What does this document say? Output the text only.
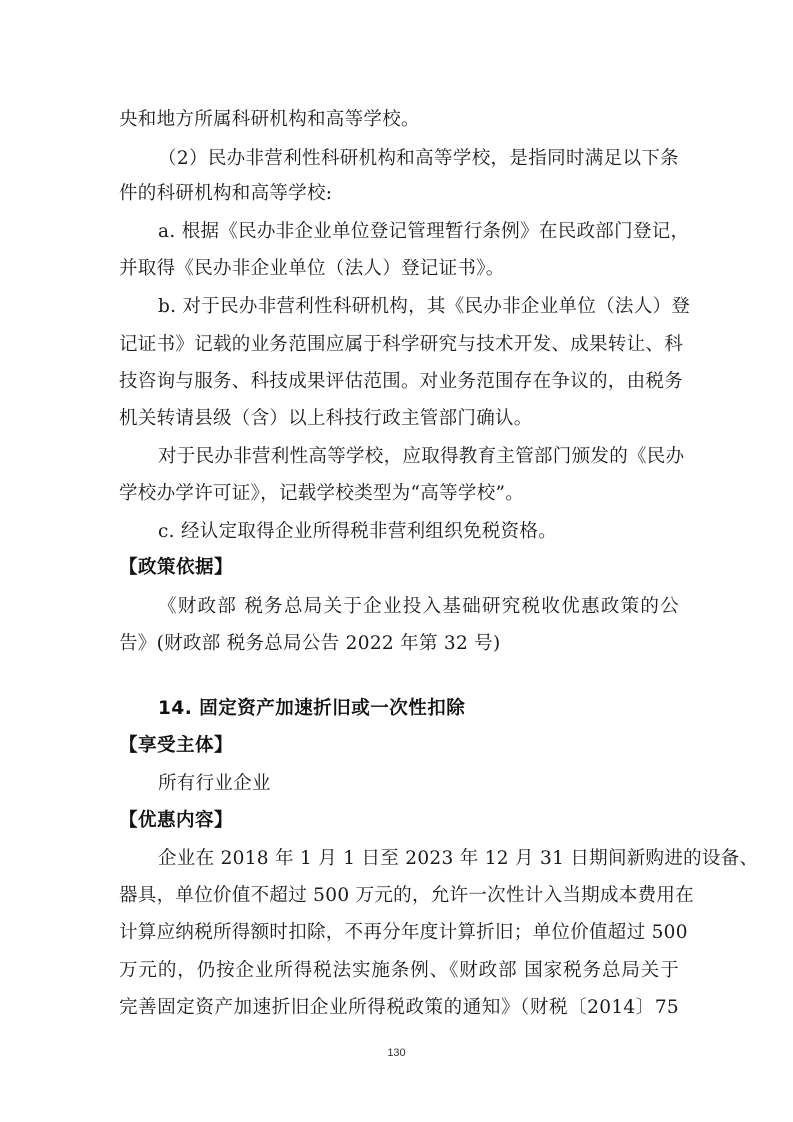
央和地方所属科研机构和高等学校。
（2）民办非营利性科研机构和高等学校，是指同时满足以下条
件的科研机构和高等学校:
a. 根据《民办非企业单位登记管理暂行条例》在民政部门登记，
并取得《民办非企业单位（法人）登记证书》。
b. 对于民办非营利性科研机构，其《民办非企业单位（法人）登
记证书》记载的业务范围应属于科学研究与技术开发、成果转让、科
技咨询与服务、科技成果评估范围。对业务范围存在争议的，由税务
机关转请县级（含）以上科技行政主管部门确认。
对于民办非营利性高等学校，应取得教育主管部门颁发的《民办
学校办学许可证》，记载学校类型为“高等学校”。
c. 经认定取得企业所得税非营利组织免税资格。
【政策依据】
《财政部 税务总局关于企业投入基础研究税收优惠政策的公
告》(财政部 税务总局公告 2022 年第 32 号)
14. 固定资产加速折旧或一次性扣除
【享受主体】
所有行业企业
【优惠内容】
企业在 2018 年 1 月 1 日至 2023 年 12 月 31 日期间新购进的设备、
器具，单位价值不超过 500 万元的，允许一次性计入当期成本费用在
计算应纳税所得额时扣除，不再分年度计算折旧；单位价值超过 500
万元的，仍按企业所得税法实施条例、《财政部 国家税务总局关于
完善固定资产加速折旧企业所得税政策的通知》（财税〔2014〕75
130
